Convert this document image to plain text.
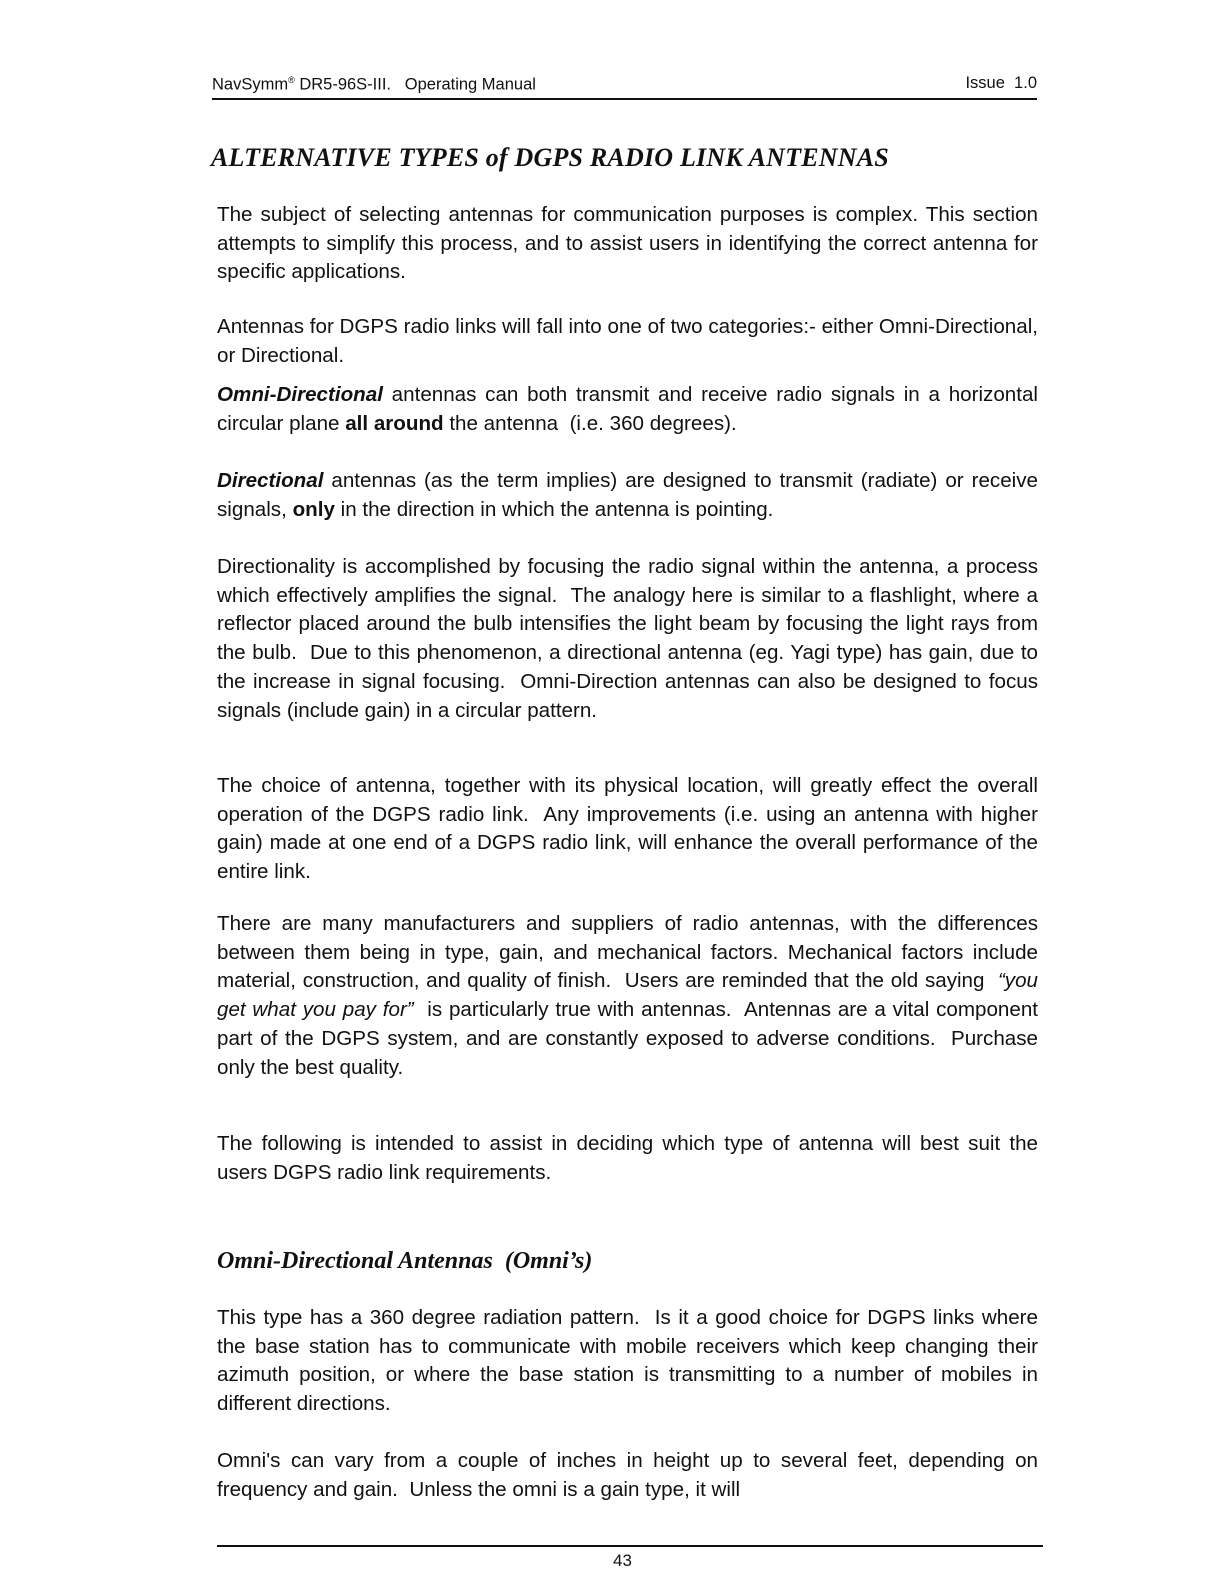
NavSymm® DR5-96S-III.   Operating Manual	Issue  1.0
ALTERNATIVE TYPES of DGPS RADIO LINK ANTENNAS

The subject of selecting antennas for communication purposes is complex. This section attempts to simplify this process, and to assist users in identifying the correct antenna for specific applications.

Antennas for DGPS radio links will fall into one of two categories:- either Omni-Directional, or Directional.

Omni-Directional antennas can both transmit and receive radio signals in a horizontal circular plane all around the antenna  (i.e. 360 degrees).

Directional antennas (as the term implies) are designed to transmit (radiate) or receive signals, only in the direction in which the antenna is pointing.

Directionality is accomplished by focusing the radio signal within the antenna, a process which effectively amplifies the signal.  The analogy here is similar to a flashlight, where a reflector placed around the bulb intensifies the light beam by focusing the light rays from the bulb.  Due to this phenomenon, a directional antenna (eg. Yagi type) has gain, due to the increase in signal focusing.  Omni-Direction antennas can also be designed to focus signals (include gain) in a circular pattern.

The choice of antenna, together with its physical location, will greatly effect the overall operation of the DGPS radio link.  Any improvements (i.e. using an antenna with higher gain) made at one end of a DGPS radio link, will enhance the overall performance of the entire link.

There are many manufacturers and suppliers of radio antennas, with the differences between them being in type, gain, and mechanical factors. Mechanical factors include material, construction, and quality of finish.  Users are reminded that the old saying  “you get what you pay for”  is particularly true with antennas.  Antennas are a vital component part of the DGPS system, and are constantly exposed to adverse conditions.  Purchase only the best quality.

The following is intended to assist in deciding which type of antenna will best suit the users DGPS radio link requirements.

This type has a 360 degree radiation pattern.  Is it a good choice for DGPS links where the base station has to communicate with mobile receivers which keep changing their azimuth position, or where the base station is transmitting to a number of mobiles in different directions.

Omni's can vary from a couple of inches in height up to several feet, depending on frequency and gain.  Unless the omni is a gain type, it will

Omni-Directional Antennas  (Omni’s)
43
